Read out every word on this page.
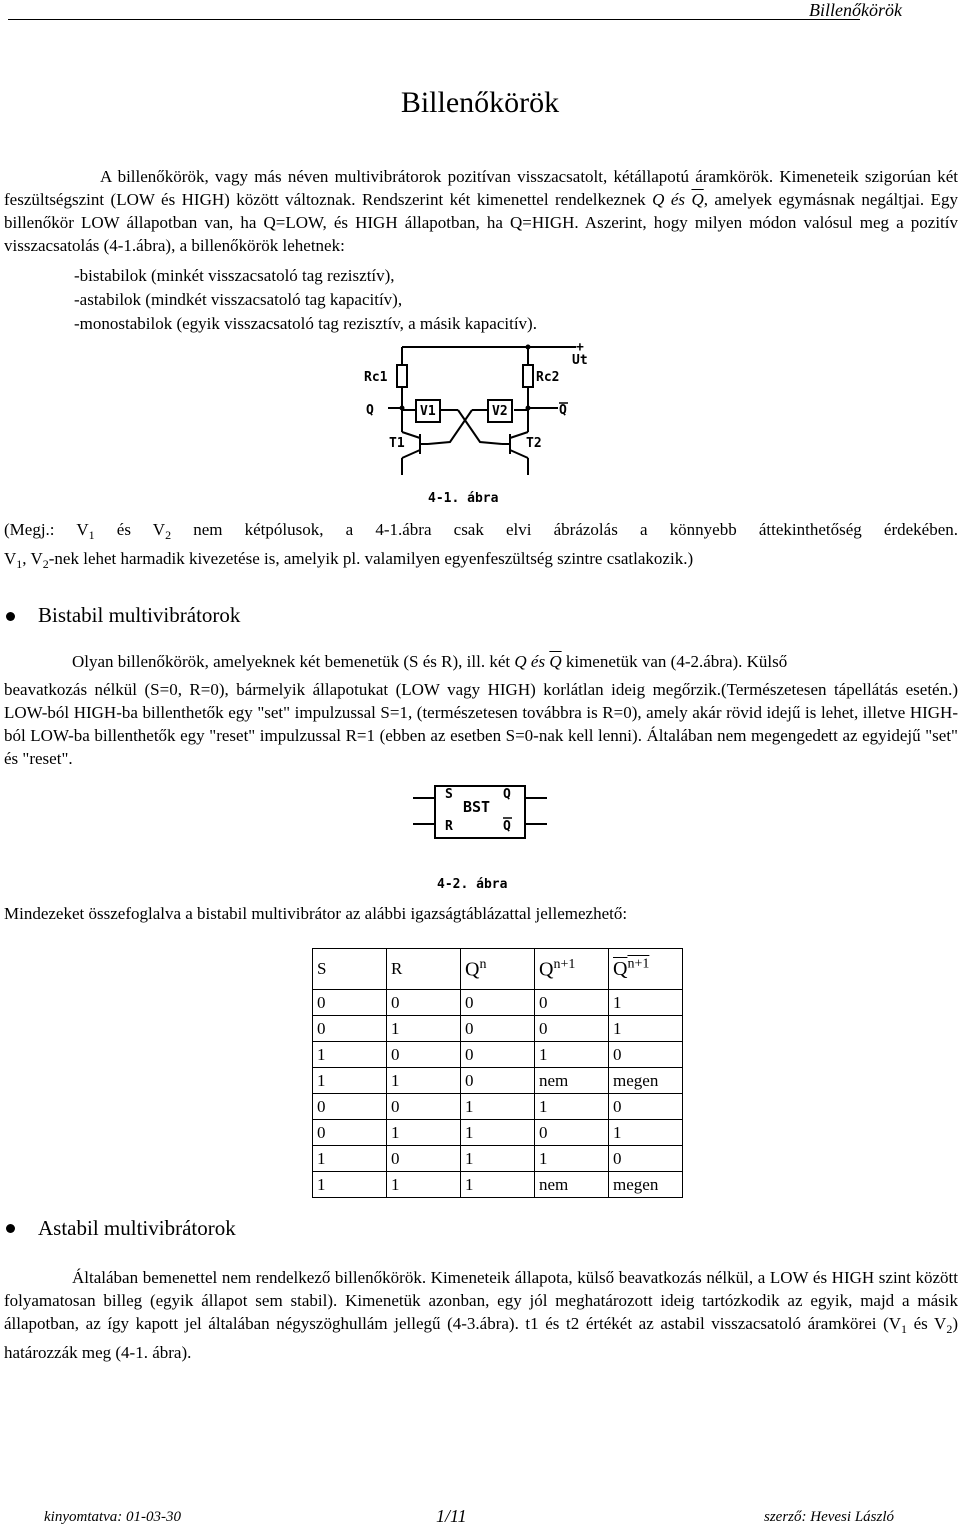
Billenőkörök
Billenőkörök
A billenőkörök, vagy más néven multivibrátorok pozitívan visszacsatolt, kétállapotú áramkörök. Kimeneteik szigorúan két feszültségszint (LOW és HIGH) között változnak. Rendszerint két kimenettel rendelkeznek Q és $\overline{Q}$, amelyek egymásnak negáltjai. Egy billenőkör LOW állapotban van, ha Q=LOW, és HIGH állapotban, ha Q=HIGH. Aszerint, hogy milyen módon valósul meg a pozitív visszacsatolás (4-1.ábra), a billenőkörök lehetnek:
-bistabilok (minkét visszacsatoló tag rezisztív),
-astabilok (mindkét visszacsatoló tag kapacitív),
-monostabilok (egyik visszacsatoló tag rezisztív, a másik kapacitív).
+
Ut
Rc1	Rc2
Q	Q
V1	V2
T1	T2
4-1. ábra
(Megj.: $V_1$ és $V_2$ nem kétpólusok, a 4-1.ábra csak elvi ábrázolás a könnyebb áttekinthetőség érdekében.
$V_1$, $V_2$-nek lehet harmadik kivezetése is, amelyik pl. valamilyen egyenfeszültség szintre csatlakozik.)
Bistabil multivibrátorok
Olyan billenőkörök, amelyeknek két bemenetük (S és R), ill. két Q és $\overline{Q}$ kimenetük van (4-2.ábra). Külső
beavatkozás nélkül (S=0, R=0), bármelyik állapotukat (LOW vagy HIGH) korlátlan ideig megőrzik.(Természetesen tápellátás esetén.) LOW-ból HIGH-ba billenthetők egy "set" impulzussal S=1, (természetesen továbbra is R=0), amely akár rövid idejű is lehet, illetve HIGH-ból LOW-ba billenthetők egy "reset" impulzussal R=1 (ebben az esetben S=0-nak kell lenni). Általában nem megengedett az egyidejű "set" és "reset".
S
R
Q
Q
BST
4-2. ábra
Mindezeket összefoglalva a bistabil multivibrátor az alábbi igazságtáblázattal jellemezhető:
S	R	$Q^n$	$Q^{n+1}$	$Q^{n+1}$
0	0	0	0	1
0	1	0	0	1
1	0	0	1	0
1	1	0	nem	megen
0	0	1	1	0
0	1	1	0	1
1	0	1	1	0
1	1	1	nem	megen
Astabil multivibrátorok
Általában bemenettel nem rendelkező billenőkörök. Kimeneteik állapota, külső beavatkozás nélkül, a LOW és HIGH szint között folyamatosan billeg (egyik állapot sem stabil). Kimenetük azonban, egy jól meghatározott ideig tartózkodik az egyik, majd a másik állapotban, az így kapott jel általában négyszöghullám jellegű (4-3.ábra). t1 és t2 értékét az astabil visszacsatoló áramkörei ($V_1$ és $V_2$) határozzák meg (4-1. ábra).
kinyomtatva: 01-03-30	1/11	szerző: Hevesi László
